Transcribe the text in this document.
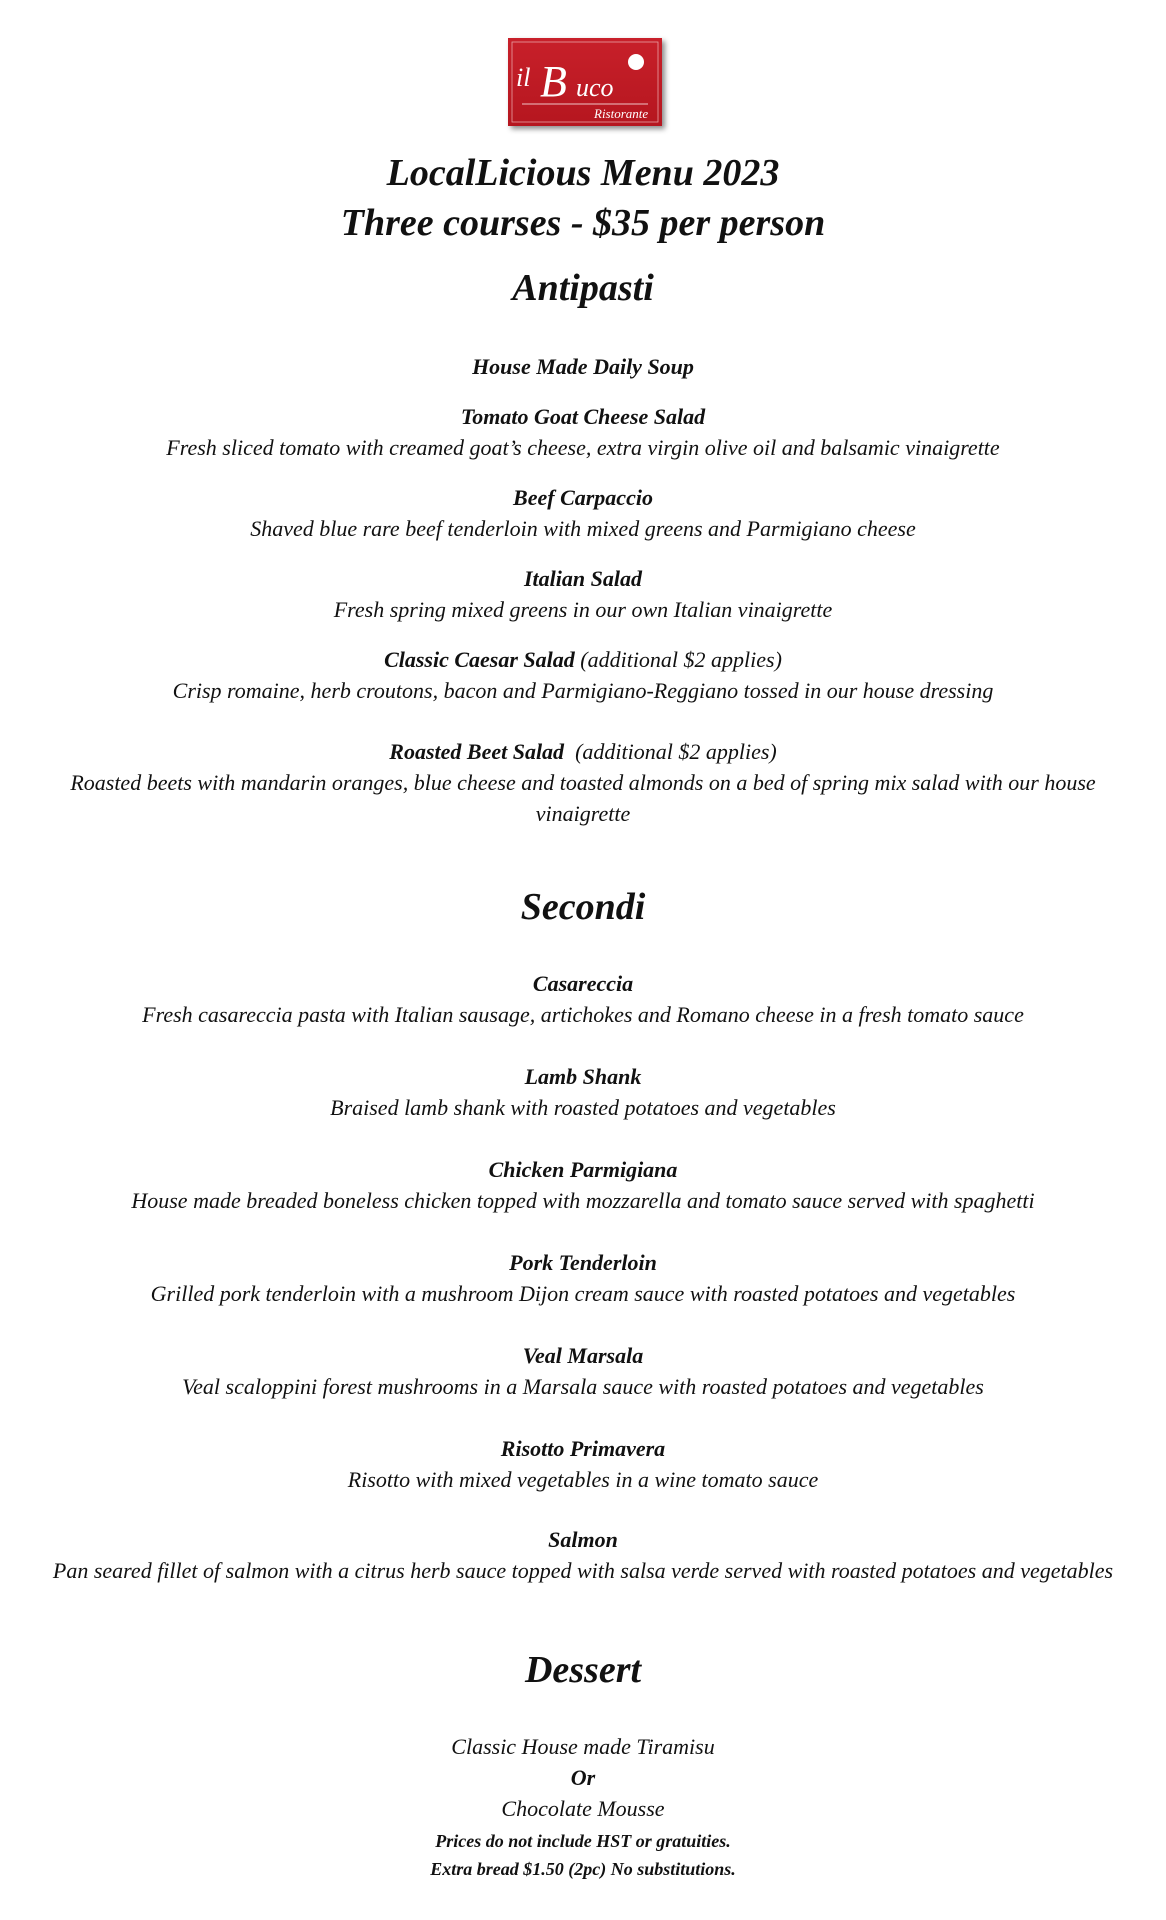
il B uco
Ristorante
LocalLicious Menu 2023
Three courses - $35 per person
Antipasti
House Made Daily Soup
Tomato Goat Cheese Salad
Fresh sliced tomato with creamed goat’s cheese, extra virgin olive oil and balsamic vinaigrette
Beef Carpaccio
Shaved blue rare beef tenderloin with mixed greens and Parmigiano cheese
Italian Salad
Fresh spring mixed greens in our own Italian vinaigrette
Classic Caesar Salad (additional $2 applies)
Crisp romaine, herb croutons, bacon and Parmigiano-Reggiano tossed in our house dressing
Roasted Beet Salad  (additional $2 applies)
Roasted beets with mandarin oranges, blue cheese and toasted almonds on a bed of spring mix salad with our house vinaigrette
Secondi
Casareccia
Fresh casareccia pasta with Italian sausage, artichokes and Romano cheese in a fresh tomato sauce
Lamb Shank
Braised lamb shank with roasted potatoes and vegetables
Chicken Parmigiana
House made breaded boneless chicken topped with mozzarella and tomato sauce served with spaghetti
Pork Tenderloin
Grilled pork tenderloin with a mushroom Dijon cream sauce with roasted potatoes and vegetables
Veal Marsala
Veal scaloppini forest mushrooms in a Marsala sauce with roasted potatoes and vegetables
Risotto Primavera
Risotto with mixed vegetables in a wine tomato sauce
Salmon
Pan seared fillet of salmon with a citrus herb sauce topped with salsa verde served with roasted potatoes and vegetables
Dessert
Classic House made Tiramisu
Or
Chocolate Mousse
Prices do not include HST or gratuities.
Extra bread $1.50 (2pc) No substitutions.
